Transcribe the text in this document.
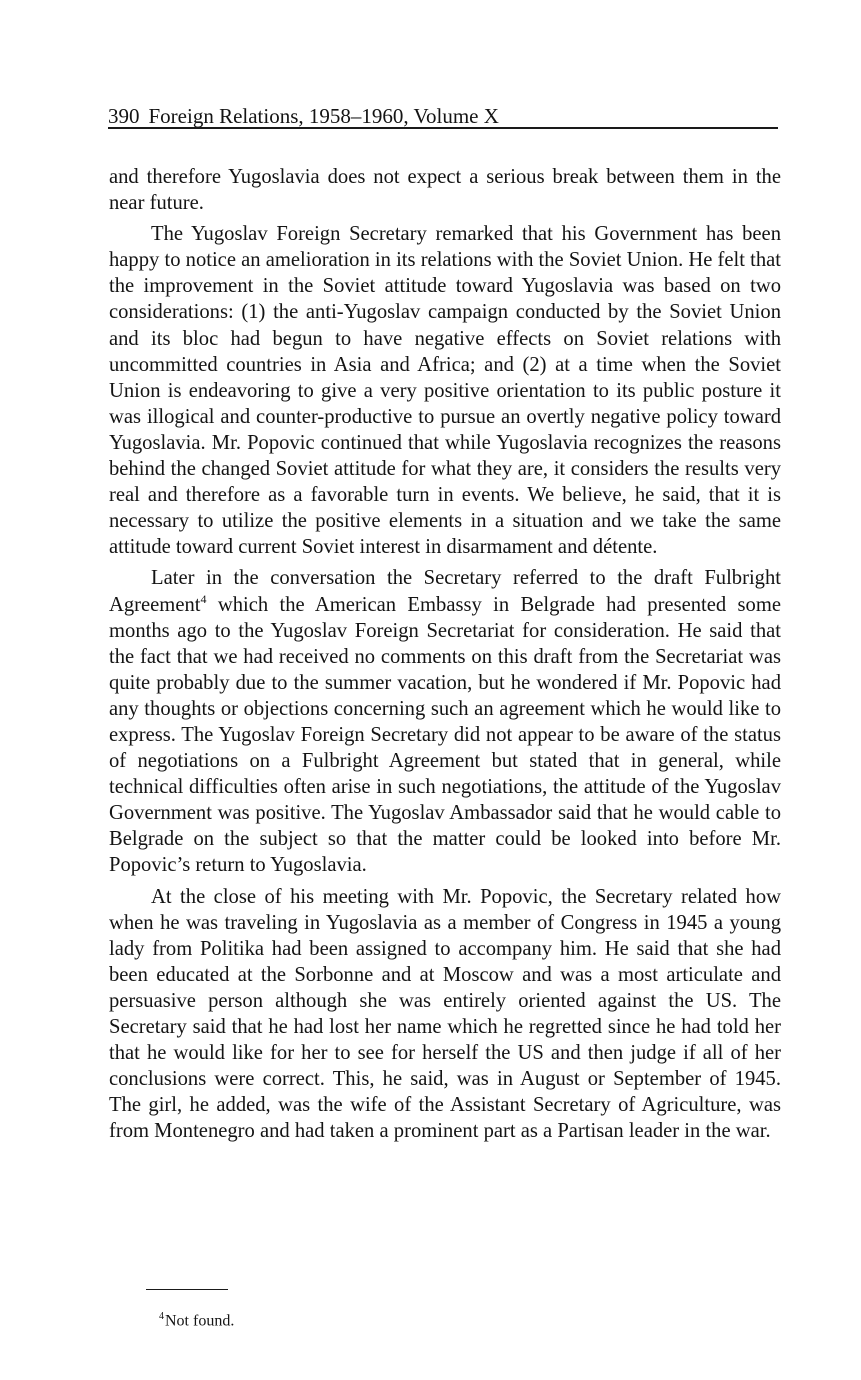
390 Foreign Relations, 1958–1960, Volume X

and therefore Yugoslavia does not expect a serious break between them in the near future.

The Yugoslav Foreign Secretary remarked that his Government has been happy to notice an amelioration in its relations with the Soviet Union. He felt that the improvement in the Soviet attitude toward Yugoslavia was based on two considerations: (1) the anti-Yugoslav campaign conducted by the Soviet Union and its bloc had begun to have negative effects on Soviet relations with uncommitted countries in Asia and Africa; and (2) at a time when the Soviet Union is endeavoring to give a very positive orientation to its public posture it was illogical and counter-productive to pursue an overtly negative policy toward Yugoslavia. Mr. Popovic continued that while Yugoslavia recognizes the reasons behind the changed Soviet attitude for what they are, it considers the results very real and therefore as a favorable turn in events. We believe, he said, that it is necessary to utilize the positive elements in a situation and we take the same attitude toward current Soviet interest in disarmament and détente.

Later in the conversation the Secretary referred to the draft Fulbright Agreement$^4$ which the American Embassy in Belgrade had presented some months ago to the Yugoslav Foreign Secretariat for consideration. He said that the fact that we had received no comments on this draft from the Secretariat was quite probably due to the summer vacation, but he wondered if Mr. Popovic had any thoughts or objections concerning such an agreement which he would like to express. The Yugoslav Foreign Secretary did not appear to be aware of the status of negotiations on a Fulbright Agreement but stated that in general, while technical difficulties often arise in such negotiations, the attitude of the Yugoslav Government was positive. The Yugoslav Ambassador said that he would cable to Belgrade on the subject so that the matter could be looked into before Mr. Popovic’s return to Yugoslavia.

At the close of his meeting with Mr. Popovic, the Secretary related how when he was traveling in Yugoslavia as a member of Congress in 1945 a young lady from Politika had been assigned to accompany him. He said that she had been educated at the Sorbonne and at Moscow and was a most articulate and persuasive person although she was entirely oriented against the US. The Secretary said that he had lost her name which he regretted since he had told her that he would like for her to see for herself the US and then judge if all of her conclusions were correct. This, he said, was in August or September of 1945. The girl, he added, was the wife of the Assistant Secretary of Agriculture, was from Montenegro and had taken a prominent part as a Partisan leader in the war.

$^4$Not found.
